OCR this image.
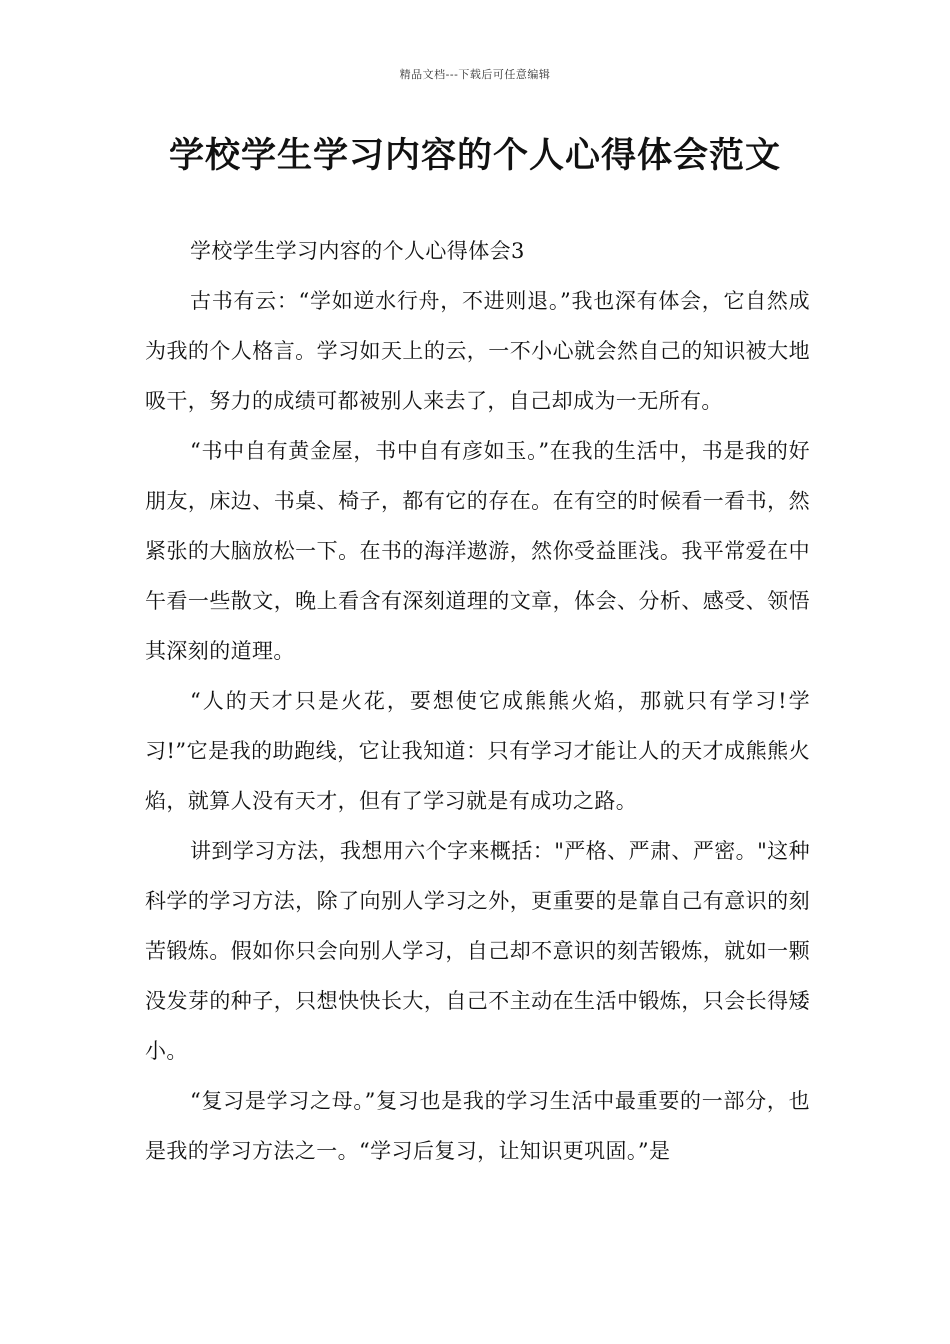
精品文档---下载后可任意编辑
学校学生学习内容的个人心得体会范文

学校学生学习内容的个人心得体会3

古书有云：“学如逆水行舟，不进则退。”我也深有体会，它自然成为我的个人格言。学习如天上的云，一不小心就会然自己的知识被大地吸干，努力的成绩可都被别人来去了，自己却成为一无所有。

“书中自有黄金屋，书中自有彦如玉。”在我的生活中，书是我的好朋友，床边、书桌、椅子，都有它的存在。在有空的时候看一看书，然紧张的大脑放松一下。在书的海洋遨游，然你受益匪浅。我平常爱在中午看一些散文，晚上看含有深刻道理的文章，体会、分析、感受、领悟其深刻的道理。

“人的天才只是火花，要想使它成熊熊火焰，那就只有学习!学习!”它是我的助跑线，它让我知道：只有学习才能让人的天才成熊熊火焰，就算人没有天才，但有了学习就是有成功之路。

讲到学习方法，我想用六个字来概括："严格、严肃、严密。"这种科学的学习方法，除了向别人学习之外，更重要的是靠自己有意识的刻苦锻炼。假如你只会向别人学习，自己却不意识的刻苦锻炼，就如一颗没发芽的种子，只想快快长大，自己不主动在生活中锻炼，只会长得矮小。

“复习是学习之母。”复习也是我的学习生活中最重要的一部分，也是我的学习方法之一。“学习后复习，让知识更巩固。”是
